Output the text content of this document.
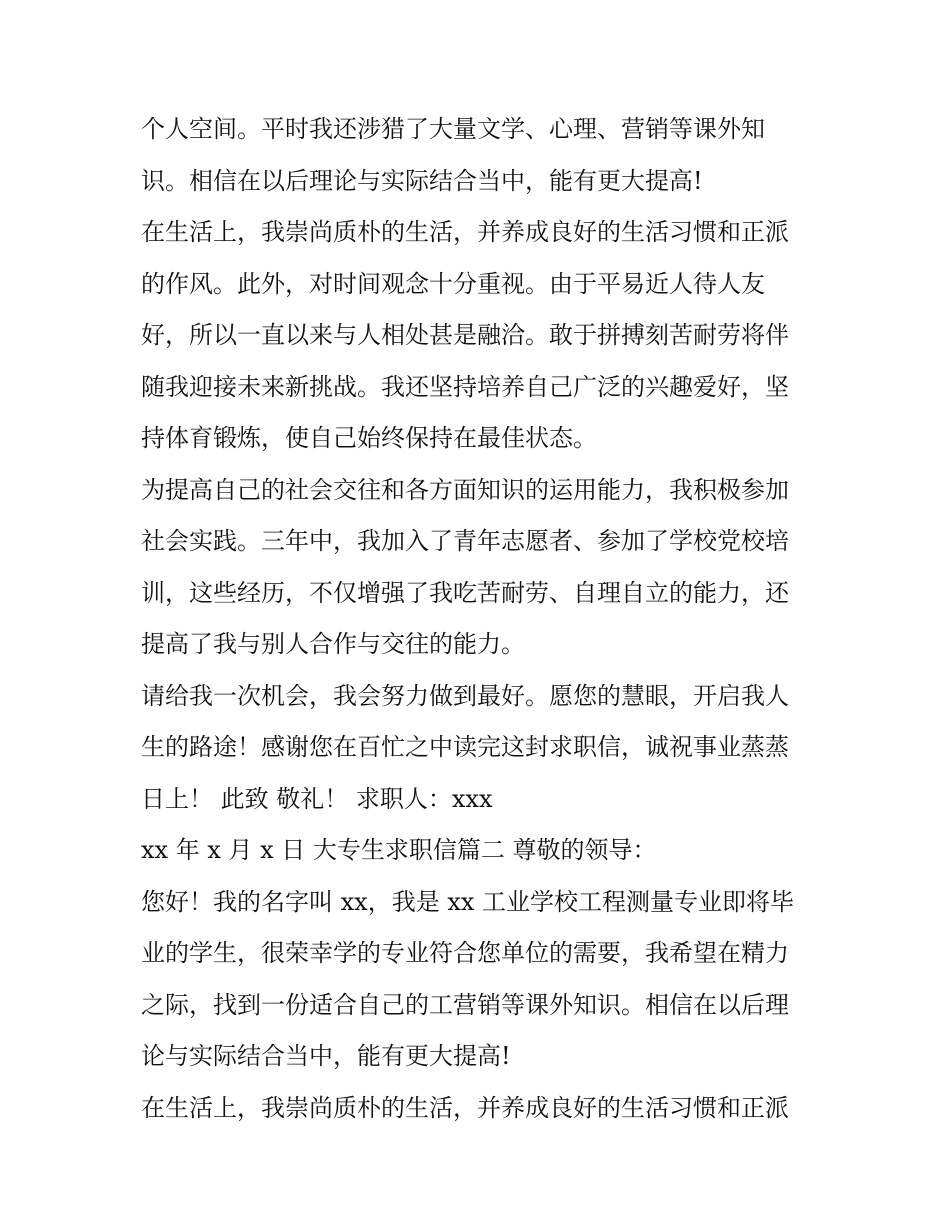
个人空间。平时我还涉猎了大量文学、心理、营销等课外知
识。相信在以后理论与实际结合当中，能有更大提高!
在生活上，我崇尚质朴的生活，并养成良好的生活习惯和正派
的作风。此外，对时间观念十分重视。由于平易近人待人友
好，所以一直以来与人相处甚是融洽。敢于拼搏刻苦耐劳将伴
随我迎接未来新挑战。我还坚持培养自己广泛的兴趣爱好，坚
持体育锻炼，使自己始终保持在最佳状态。
为提高自己的社会交往和各方面知识的运用能力，我积极参加
社会实践。三年中，我加入了青年志愿者、参加了学校党校培
训，这些经历，不仅增强了我吃苦耐劳、自理自立的能力，还
提高了我与别人合作与交往的能力。
请给我一次机会，我会努力做到最好。愿您的慧眼，开启我人
生的路途！感谢您在百忙之中读完这封求职信，诚祝事业蒸蒸
日上！ 此致 敬礼！ 求职人：xxx
xx 年 x 月 x 日 大专生求职信篇二 尊敬的领导：
您好！我的名字叫 xx，我是 xx 工业学校工程测量专业即将毕
业的学生，很荣幸学的专业符合您单位的需要，我希望在精力
之际，找到一份适合自己的工营销等课外知识。相信在以后理
论与实际结合当中，能有更大提高!
在生活上，我崇尚质朴的生活，并养成良好的生活习惯和正派
